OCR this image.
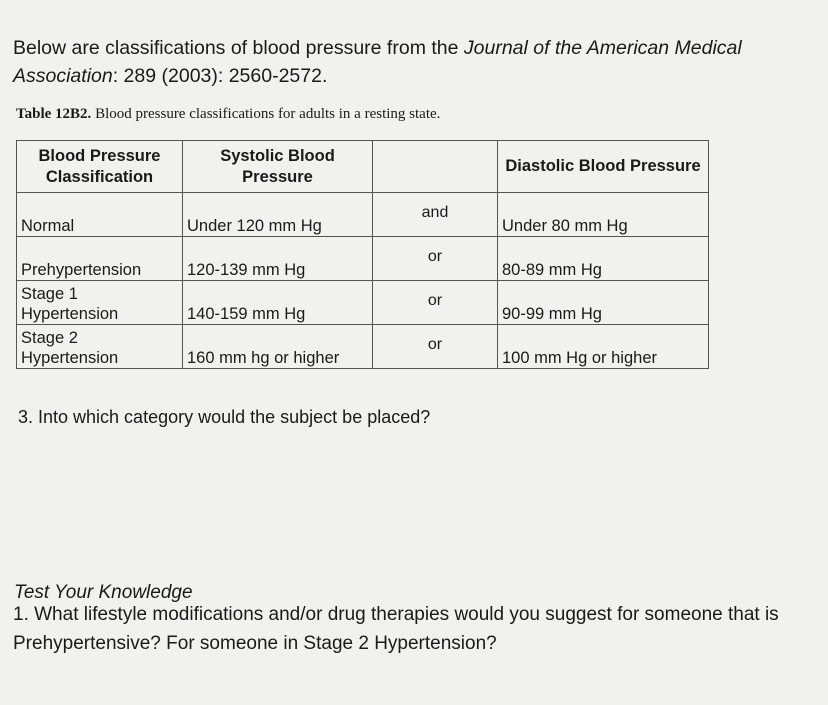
Below are classifications of blood pressure from the Journal of the American Medical Association: 289 (2003): 2560-2572.

Table 12B2. Blood pressure classifications for adults in a resting state.
Blood Pressure Classification	Systolic Blood Pressure		Diastolic Blood Pressure
Normal	Under 120 mm Hg	and	Under 80 mm Hg
Prehypertension	120-139 mm Hg	or	80-89 mm Hg
Stage 1 Hypertension	140-159 mm Hg	or	90-99 mm Hg
Stage 2 Hypertension	160 mm hg or higher	or	100 mm Hg or higher
3. Into which category would the subject be placed?
Test Your Knowledge

1. What lifestyle modifications and/or drug therapies would you suggest for someone that is Prehypertensive? For someone in Stage 2 Hypertension?
